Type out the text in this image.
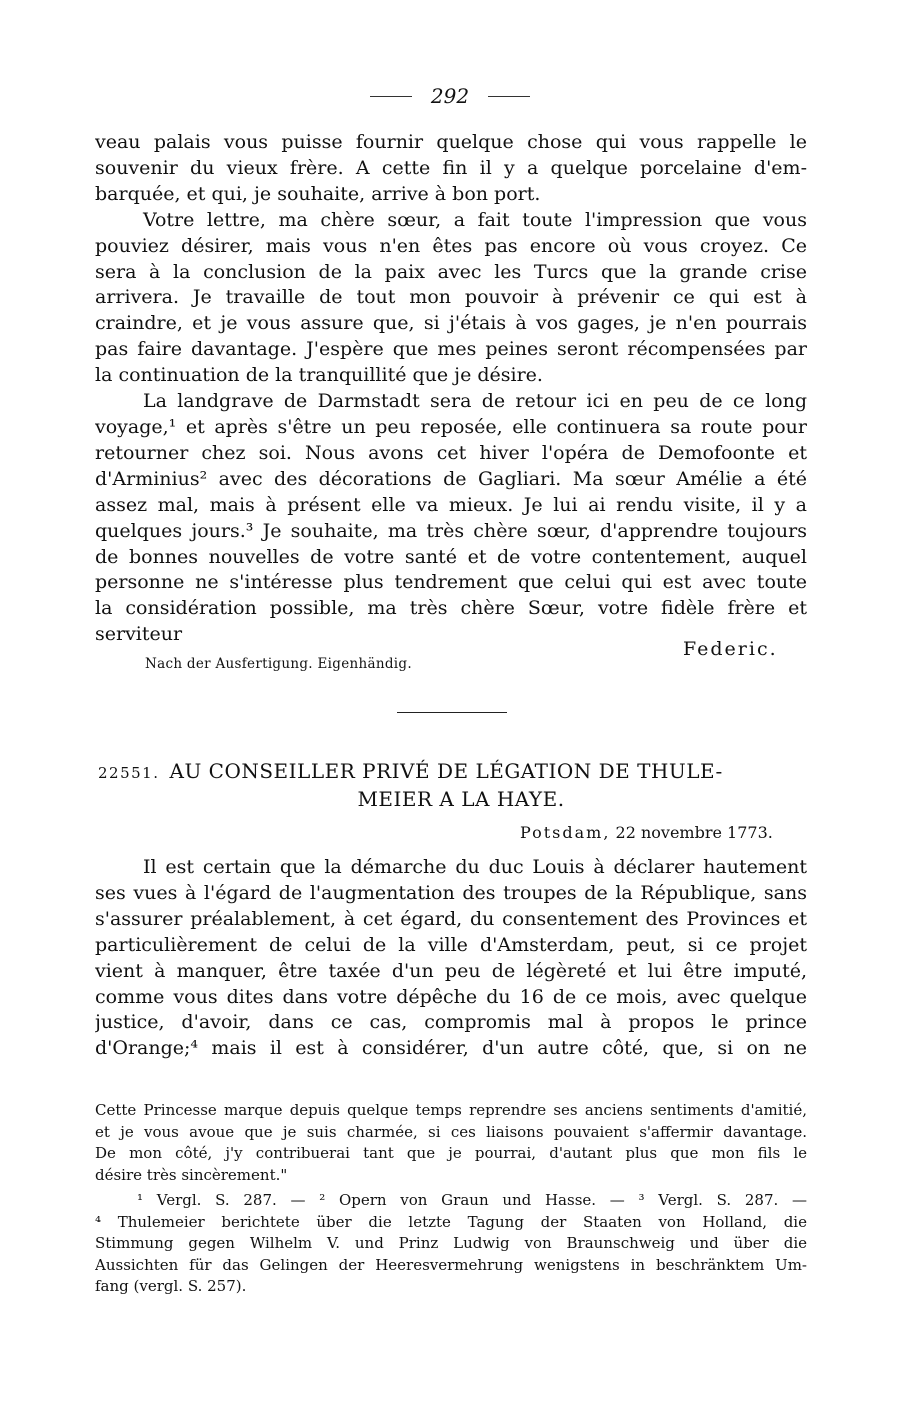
292
veau palais vous puisse fournir quelque chose qui vous rappelle le
souvenir du vieux frère. A cette fin il y a quelque porcelaine d'em-
barquée, et qui, je souhaite, arrive à bon port.
Votre lettre, ma chère sœur, a fait toute l'impression que vous
pouviez désirer, mais vous n'en êtes pas encore où vous croyez. Ce
sera à la conclusion de la paix avec les Turcs que la grande crise
arrivera. Je travaille de tout mon pouvoir à prévenir ce qui est à
craindre, et je vous assure que, si j'étais à vos gages, je n'en pourrais
pas faire davantage. J'espère que mes peines seront récompensées par
la continuation de la tranquillité que je désire.
La landgrave de Darmstadt sera de retour ici en peu de ce long
voyage,¹ et après s'être un peu reposée, elle continuera sa route pour
retourner chez soi. Nous avons cet hiver l'opéra de Demofoonte et
d'Arminius² avec des décorations de Gagliari. Ma sœur Amélie a été
assez mal, mais à présent elle va mieux. Je lui ai rendu visite, il y a
quelques jours.³ Je souhaite, ma très chère sœur, d'apprendre toujours
de bonnes nouvelles de votre santé et de votre contentement, auquel
personne ne s'intéresse plus tendrement que celui qui est avec toute
la considération possible, ma très chère Sœur, votre fidèle frère et
serviteur
Federic.
Nach der Ausfertigung. Eigenhändig.
22551. AU CONSEILLER PRIVÉ DE LÉGATION DE THULE-
MEIER A LA HAYE.
Potsdam, 22 novembre 1773.
Il est certain que la démarche du duc Louis à déclarer hautement
ses vues à l'égard de l'augmentation des troupes de la République, sans
s'assurer préalablement, à cet égard, du consentement des Provinces et
particulièrement de celui de la ville d'Amsterdam, peut, si ce projet
vient à manquer, être taxée d'un peu de légèreté et lui être imputé,
comme vous dites dans votre dépêche du 16 de ce mois, avec quelque
justice, d'avoir, dans ce cas, compromis mal à propos le prince
d'Orange;⁴ mais il est à considérer, d'un autre côté, que, si on ne
Cette Princesse marque depuis quelque temps reprendre ses anciens sentiments d'amitié,
et je vous avoue que je suis charmée, si ces liaisons pouvaient s'affermir davantage.
De mon côté, j'y contribuerai tant que je pourrai, d'autant plus que mon fils le
désire très sincèrement."
¹ Vergl. S. 287. — ² Opern von Graun und Hasse. — ³ Vergl. S. 287. —
⁴ Thulemeier berichtete über die letzte Tagung der Staaten von Holland, die
Stimmung gegen Wilhelm V. und Prinz Ludwig von Braunschweig und über die
Aussichten für das Gelingen der Heeresvermehrung wenigstens in beschränktem Um-
fang (vergl. S. 257).
